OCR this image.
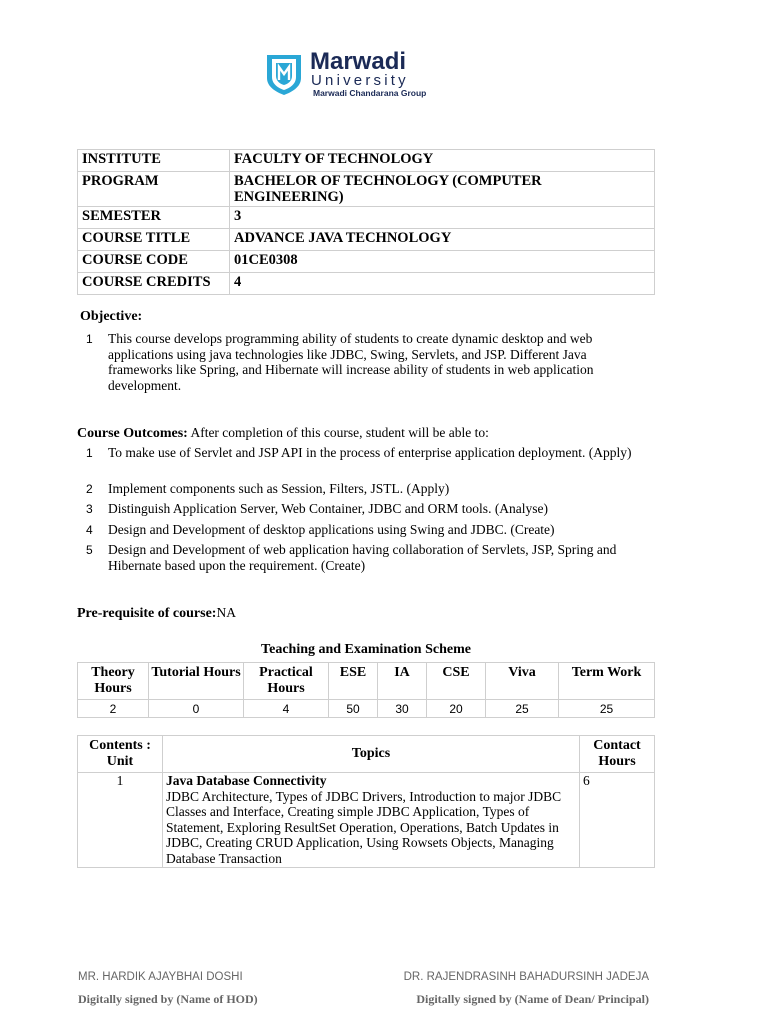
Marwadi
University
Marwadi Chandarana Group
INSTITUTE	FACULTY OF TECHNOLOGY
PROGRAM	BACHELOR OF TECHNOLOGY (COMPUTER ENGINEERING)
SEMESTER	3
COURSE TITLE	ADVANCE JAVA TECHNOLOGY
COURSE CODE	01CE0308
COURSE CREDITS	4
Objective:
1 This course develops programming ability of students to create dynamic desktop and web applications using java technologies like JDBC, Swing, Servlets, and JSP. Different Java frameworks like Spring, and Hibernate will increase ability of students in web application development.
Course Outcomes: After completion of this course, student will be able to:
1 To make use of Servlet and JSP API in the process of enterprise application deployment. (Apply)
2 Implement components such as Session, Filters, JSTL. (Apply)
3 Distinguish Application Server, Web Container, JDBC and ORM tools. (Analyse)
4 Design and Development of desktop applications using Swing and JDBC. (Create)
5 Design and Development of web application having collaboration of Servlets, JSP, Spring and Hibernate based upon the requirement. (Create)
Pre-requisite of course:NA
Teaching and Examination Scheme
Theory Hours	Tutorial Hours	Practical Hours	ESE	IA	CSE	Viva	Term Work
2	0	4	50	30	20	25	25
Contents : Unit	Topics	Contact Hours
1	Java Database Connectivity
JDBC Architecture, Types of JDBC Drivers, Introduction to major JDBC Classes and Interface, Creating simple JDBC Application, Types of Statement, Exploring ResultSet Operation, Operations, Batch Updates in JDBC, Creating CRUD Application, Using Rowsets Objects, Managing Database Transaction	6
MR. HARDIK AJAYBHAI DOSHI
Digitally signed by (Name of HOD)
DR. RAJENDRASINH BAHADURSINH JADEJA
Digitally signed by (Name of Dean/ Principal)
